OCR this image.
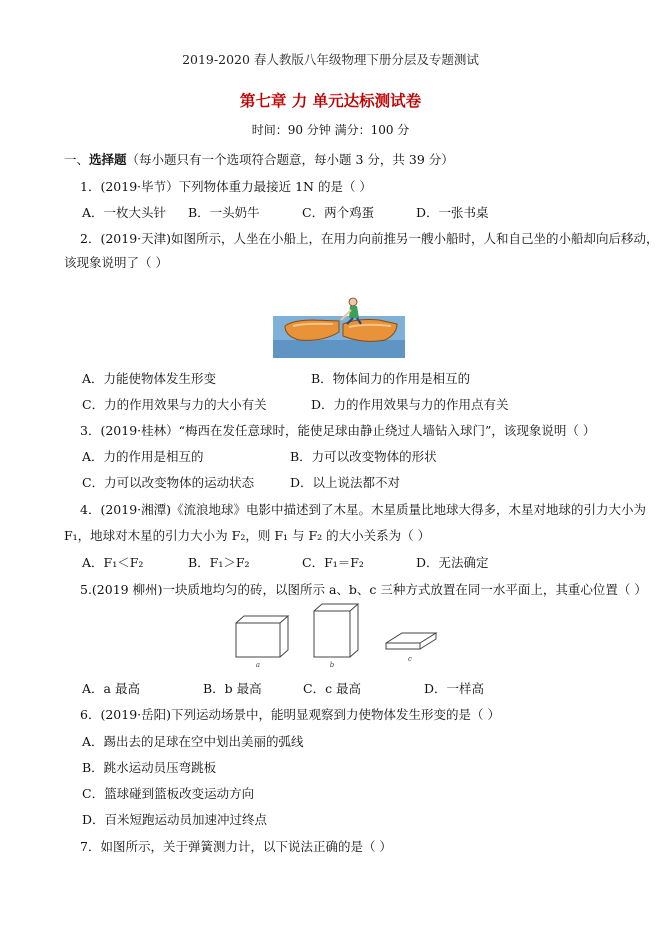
2019-2020 春人教版八年级物理下册分层及专题测试
第七章 力 单元达标测试卷
时间：90 分钟 满分：100 分
一、选择题（每小题只有一个选项符合题意，每小题 3 分，共 39 分）
1．(2019·毕节）下列物体重力最接近 1N 的是（ ）
A．一枚大头针 B．一头奶牛	C．两个鸡蛋	D．一张书桌
2．(2019·天津)如图所示，人坐在小船上，在用力向前推另一艘小船时，人和自己坐的小船却向后移动，
该现象说明了（ ）
A．力能使物体发生形变	B．物体间力的作用是相互的
C．力的作用效果与力的大小有关	D．力的作用效果与力的作用点有关
3．(2019·桂林）“梅西在发任意球时，能使足球由静止绕过人墙钻入球门”，该现象说明（ ）
A．力的作用是相互的	B．力可以改变物体的形状
C．力可以改变物体的运动状态	D．以上说法都不对
4．(2019·湘潭)《流浪地球》电影中描述到了木星。木星质量比地球大得多，木星对地球的引力大小为
F₁，地球对木星的引力大小为 F₂，则 F₁ 与 F₂ 的大小关系为（ ）
A．F₁＜F₂	B．F₁＞F₂	C．F₁＝F₂	D．无法确定
5.(2019 柳州)一块质地均匀的砖，以图所示 a、b、c 三种方式放置在同一水平面上，其重心位置（ ）
a	b
c
A．a 最高	B．b 最高	C．c 最高	D．一样高
6．(2019·岳阳)下列运动场景中，能明显观察到力使物体发生形变的是（ ）
A．踢出去的足球在空中划出美丽的弧线
B．跳水运动员压弯跳板
C．篮球碰到篮板改变运动方向
D．百米短跑运动员加速冲过终点
7．如图所示，关于弹簧测力计，以下说法正确的是（ ）
